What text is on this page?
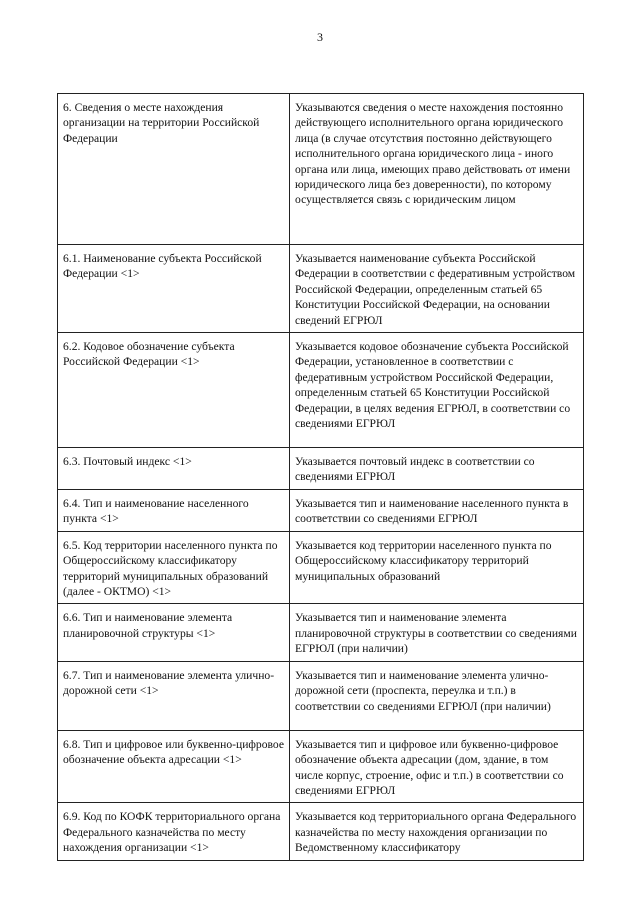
3
6. Сведения о месте нахождения организации на территории Российской Федерации	Указываются сведения о месте нахождения постоянно действующего исполнительного органа юридического лица (в случае отсутствия постоянно действующего исполнительного органа юридического лица - иного органа или лица, имеющих право действовать от имени юридического лица без доверенности), по которому осуществляется связь с юридическим лицом
6.1. Наименование субъекта Российской Федерации <1>	Указывается наименование субъекта Российской Федерации в соответствии с федеративным устройством Российской Федерации, определенным статьей 65 Конституции Российской Федерации, на основании сведений ЕГРЮЛ
6.2. Кодовое обозначение субъекта Российской Федерации <1>	Указывается кодовое обозначение субъекта Российской Федерации, установленное в соответствии с федеративным устройством Российской Федерации, определенным статьей 65 Конституции Российской Федерации, в целях ведения ЕГРЮЛ, в соответствии со сведениями ЕГРЮЛ
6.3. Почтовый индекс <1>	Указывается почтовый индекс в соответствии со сведениями ЕГРЮЛ
6.4. Тип и наименование населенного пункта <1>	Указывается тип и наименование населенного пункта в соответствии со сведениями ЕГРЮЛ
6.5. Код территории населенного пункта по Общероссийскому классификатору территорий муниципальных образований (далее - ОКТМО) <1>	Указывается код территории населенного пункта по Общероссийскому классификатору территорий муниципальных образований
6.6. Тип и наименование элемента планировочной структуры <1>	Указывается тип и наименование элемента планировочной структуры в соответствии со сведениями ЕГРЮЛ (при наличии)
6.7. Тип и наименование элемента улично-дорожной сети <1>	Указывается тип и наименование элемента улично-дорожной сети (проспекта, переулка и т.п.) в соответствии со сведениями ЕГРЮЛ (при наличии)
6.8. Тип и цифровое или буквенно-цифровое обозначение объекта адресации <1>	Указывается тип и цифровое или буквенно-цифровое обозначение объекта адресации (дом, здание, в том числе корпус, строение, офис и т.п.) в соответствии со сведениями ЕГРЮЛ
6.9. Код по КОФК территориального органа Федерального казначейства по месту нахождения организации <1>	Указывается код территориального органа Федерального казначейства по месту нахождения организации по Ведомственному классификатору
